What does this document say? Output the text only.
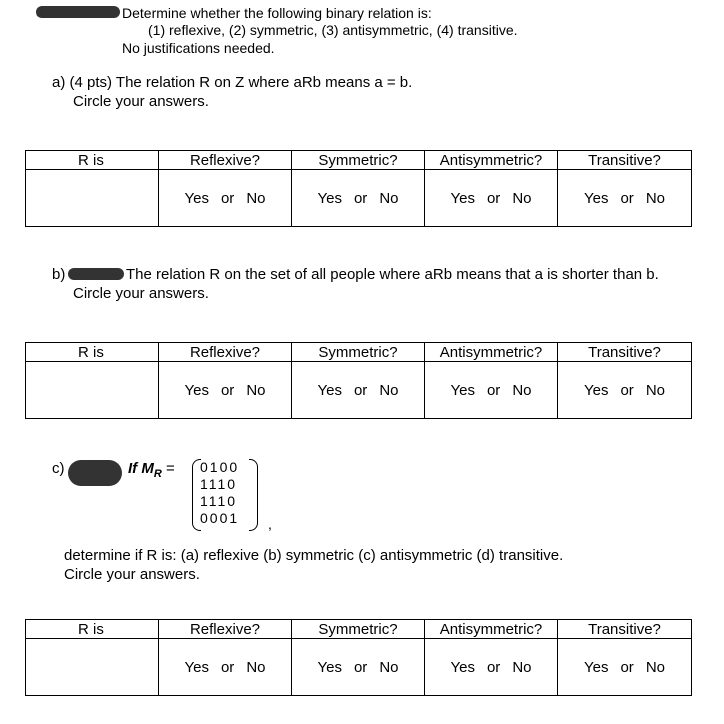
Determine whether the following binary relation is:
(1) reflexive, (2) symmetric, (3) antisymmetric, (4) transitive.
No justifications needed.
a) (4 pts) The relation R on Z where aRb means a = b.
Circle your answers.
R is	Reflexive?	Symmetric?	Antisymmetric?	Transitive?
	Yes or No	Yes or No	Yes or No	Yes or No
b)	The relation R on the set of all people where aRb means that a is shorter than b.
Circle your answers.
R is	Reflexive?	Symmetric?	Antisymmetric?	Transitive?
	Yes or No	Yes or No	Yes or No	Yes or No
c)	If $M_R$ =	0100
1110
1110
0001	,
determine if R is: (a) reflexive (b) symmetric (c) antisymmetric (d) transitive.
Circle your answers.
R is	Reflexive?	Symmetric?	Antisymmetric?	Transitive?
	Yes or No	Yes or No	Yes or No	Yes or No
3.
